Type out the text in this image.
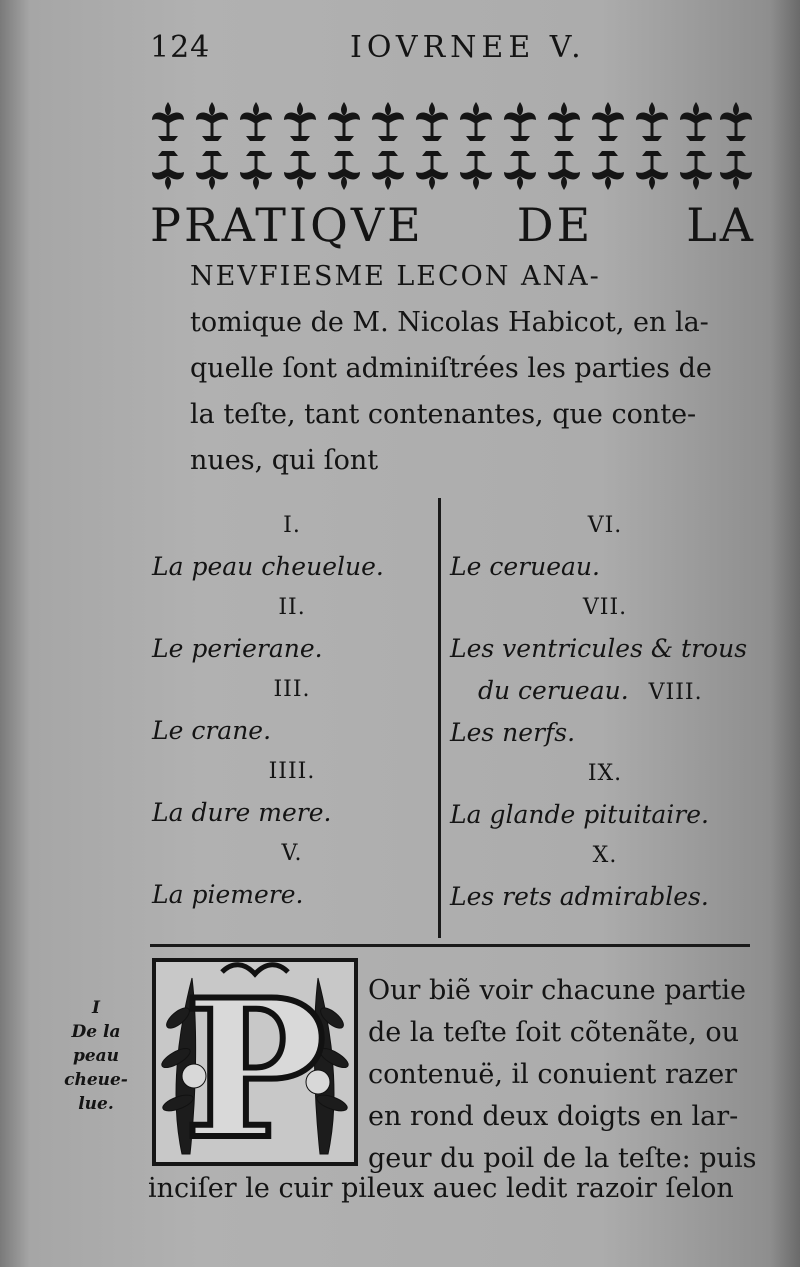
124	IOVRNEE V.
PRATIQVE DE LA
NEVFIESME LECON ANA-
tomique de M. Nicolas Habicot, en la-
quelle ſont adminiſtrées les parties de
la teſte, tant contenantes, que conte-
nues, qui ſont
I.
La peau cheuelue.
II.
Le perierane.
III.
Le crane.
IIII.
La dure mere.
V.
La piemere.
VI.
Le cerueau.
VII.
Les ventricules & trous
du cerueau. VIII.
Les nerfs.
IX.
La glande pituitaire.
X.
Les rets admirables.
I
De la
peau
cheue-
lue. P Our biẽ voir chacune partie
de la teſte ſoit cõtenãte, ou
contenuë, il conuient razer
en rond deux doigts en lar-
geur du poil de la teſte: puis
inciſer le cuir pileux auec ledit razoir ſelon
